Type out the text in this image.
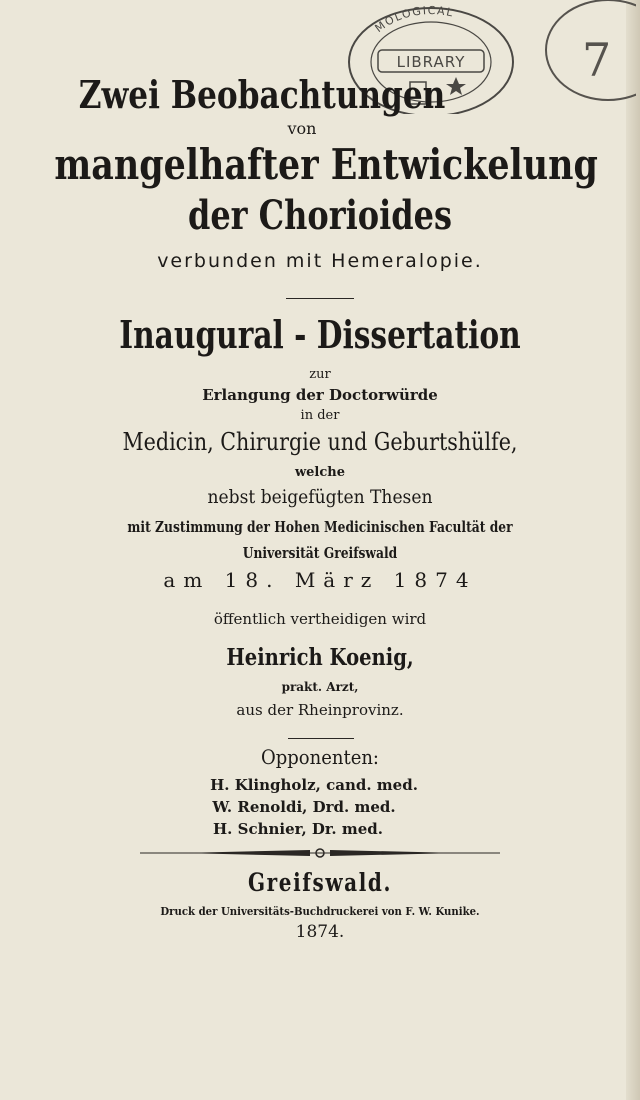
MOLOGICAL
LIBRARY	7
Zwei Beobachtungen
von
mangelhafter Entwickelung
der Chorioides
verbunden mit Hemeralopie.
Inaugural - Dissertation
zur
Erlangung der Doctorwürde
in der
Medicin, Chirurgie und Geburtshülfe,
welche
nebst beigefügten Thesen
mit Zustimmung der Hohen Medicinischen Facultät der
Universität Greifswald
am 18. März 1874
öffentlich vertheidigen wird
Heinrich Koenig,
prakt. Arzt,
aus der Rheinprovinz.
Opponenten:
H. Klingholz, cand. med.
W. Renoldi, Drd. med.
H. Schnier, Dr. med.
Greifswald.
Druck der Universitäts-Buchdruckerei von F. W. Kunike.
1874.
